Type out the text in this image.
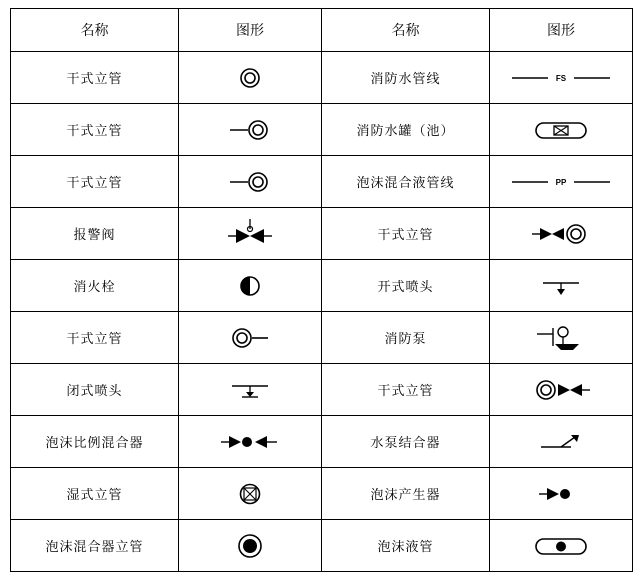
名称	图形	名称	图形
干式立管		消防水管线	FS

干式立管		消防水罐（池）	

干式立管		泡沫混合液管线	PP

报警阀		干式立管	

消火栓		开式喷头	

干式立管		消防泵	

闭式喷头		干式立管	

泡沫比例混合器		水泵结合器	

湿式立管		泡沫产生器	

泡沫混合器立管		泡沫液管	
